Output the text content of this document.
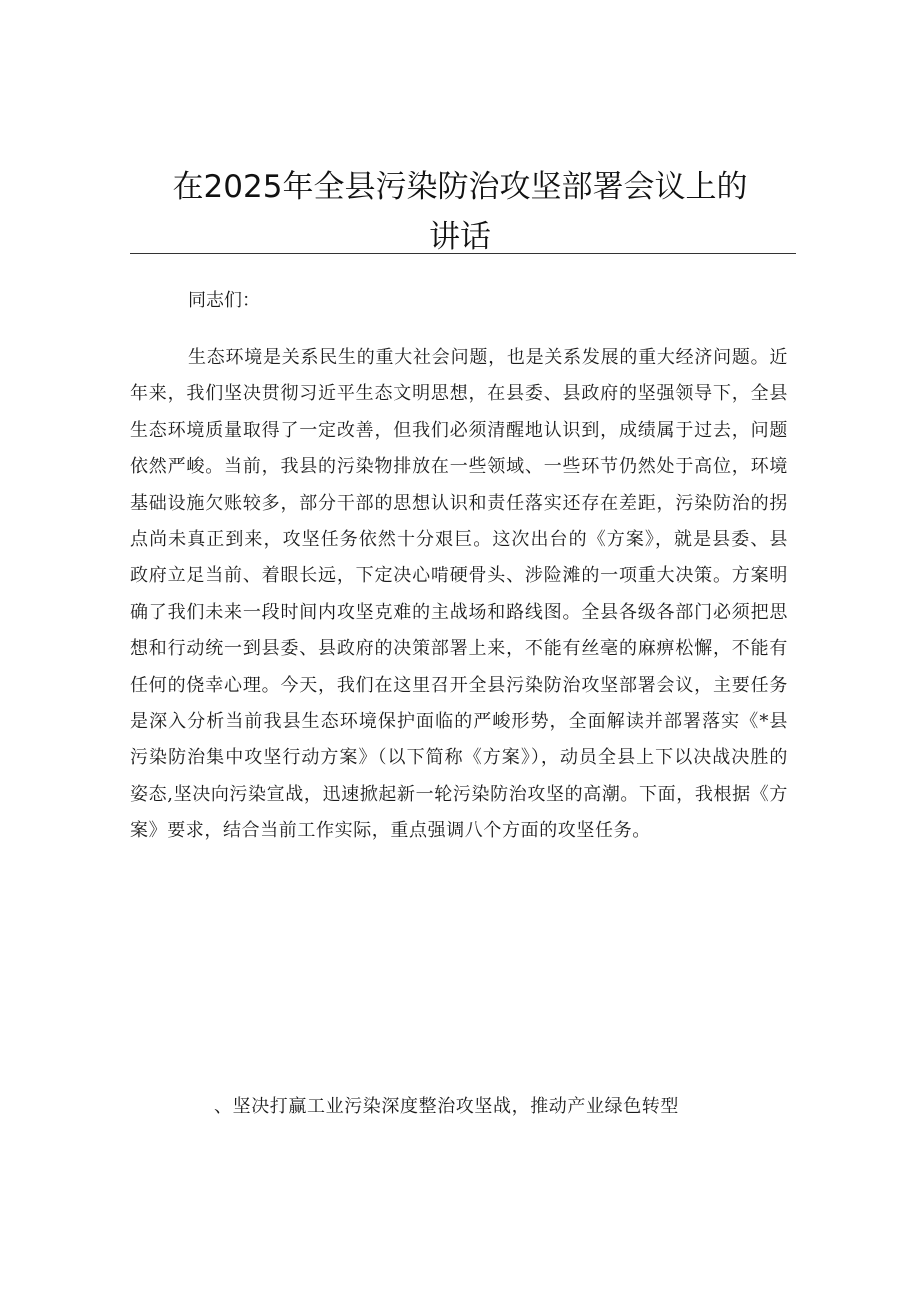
在2025年全县污染防治攻坚部署会议上的讲话

同志们：

生态环境是关系民生的重大社会问题，也是关系发展的重大经济问题。近年来，我们坚决贯彻习近平生态文明思想，在县委、县政府的坚强领导下，全县生态环境质量取得了一定改善，但我们必须清醒地认识到，成绩属于过去，问题依然严峻。当前，我县的污染物排放在一些领域、一些环节仍然处于高位，环境基础设施欠账较多，部分干部的思想认识和责任落实还存在差距，污染防治的拐点尚未真正到来，攻坚任务依然十分艰巨。这次出台的《方案》，就是县委、县政府立足当前、着眼长远，下定决心啃硬骨头、涉险滩的一项重大决策。方案明确了我们未来一段时间内攻坚克难的主战场和路线图。全县各级各部门必须把思想和行动统一到县委、县政府的决策部署上来，不能有丝毫的麻痹松懈，不能有任何的侥幸心理。今天，我们在这里召开全县污染防治攻坚部署会议，主要任务是深入分析当前我县生态环境保护面临的严峻形势，全面解读并部署落实《*县污染防治集中攻坚行动方案》（以下简称《方案》），动员全县上下以决战决胜的姿态,坚决向污染宣战，迅速掀起新一轮污染防治攻坚的高潮。下面，我根据《方案》要求，结合当前工作实际，重点强调八个方面的攻坚任务。

、坚决打赢工业污染深度整治攻坚战，推动产业绿色转型
